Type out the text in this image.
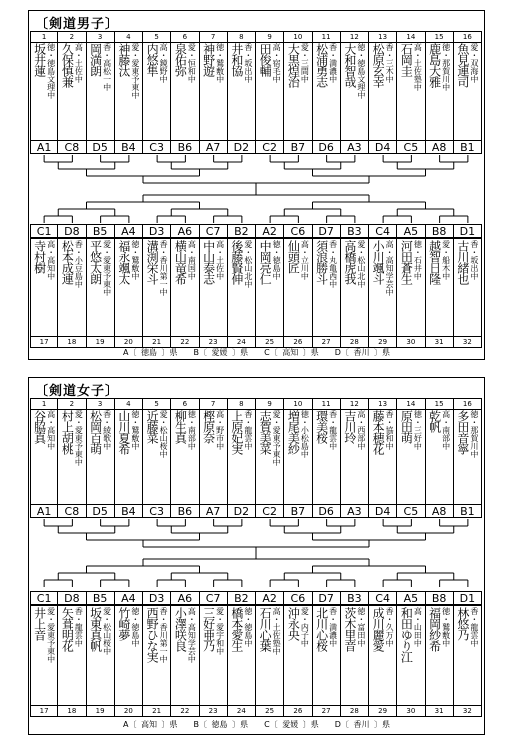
〔剣道男子〕
1
徳・徳島文理中
坂井蓮
2
高・土佐中
久保慎兼
3
香・高松一中
岡満朗
4
愛・愛東予東中
神藤汰
5
高・鏡野中
内悠隼
6
愛・恒和中
泉佑弥
7
徳・鷲敷中
神野遊
8
香・坂出中
井和協
9
高・宿毛中
田俊輔
10
愛・三間中
大黒煌治
11
香・満濃中
松浦勇志
12
徳・徳島文理中
大和智哉
13
香・三木中
松原玄幸
14
高・土佐塾中
石岡圭
15
徳・那賀川中
鹿島大雅
16
愛・双海中
魚見連司
A1	C8	D5	B4	C3	B6	A7	D2	C2	B7	D6	A3	D4	C5	A8	B1
C1	D8	B5	A4	D3	A6	C7	B2	A2	C6	D7	B3	C4	A5	B8	D1
17
高・高知中
寺村樹
18
香・小豆島中
松本成連
19
愛・愛東予東中
平悠太朗
20
徳・鷲敷中
福永颯太
21
香・香川第一中
溝渕栄斗
22
高・南国中
横山竜希
23
高・土佐中
中山泰志
24
愛・松山北中
後藤賢伸
25
徳・徳島中
中岡亮仁
26
高・立川中
仙頭匠
27
香・丸亀西中
須浪勝斗
28
愛・松山北中
高橋虎我
29
高・高知学芸中
小川颯斗
30
徳・石井中
河田蒼生
31
愛・船木中
越智日隆
32
香・坂出中
古川緒也
A〔 徳島 〕県　　B〔 愛媛 〕県　　C〔 高知 〕県　　D〔 香川 〕県
〔剣道女子〕
1
高・高知中
谷脇真
2
愛・愛東予東中
村上胡桃
3
香・綾歌中
松岡百萌
4
徳・鷲敷中
山川夏希
5
愛・松山桜中
近藤菜
6
徳・南部中
柳生真
7
高・野市中
樫原奈
8
香・龍雲中
上原妃実
9
愛・愛東予東中
志賀美菜
10
徳・小松島中
増尾美紗
11
香・龍雲中
環美桜
12
高・西部中
吉川玲
13
香・協和中
藤本穂花
14
徳・三好中
原田萌
15
高・南部中
乾帆
16
徳・那賀川中
多田音寧
A1	C8	D5	B4	C3	B6	A7	D2	C2	B7	D6	A3	D4	C5	A8	B1
C1	D8	B5	A4	D3	A6	C7	B2	A2	C6	D7	B3	C4	A5	B8	D1
17
愛・愛東予東中
井上音
18
香・龍雲中
矢葺明花
19
愛・松山桜中
坂東真帆
20
徳・徳島中
竹崎夢
21
香・香川第一中
西野ひな実
22
高・高知学芸中
小澤咲良
23
愛・愛宇和中
三好亜乃
24
徳・徳島中
橋本愛生
25
高・土佐塾中
石川心葉
26
愛・内子中
沖永央
27
香・満濃中
北川心桜
28
徳・富田中
茨木里音
29
香・久万中
成川麗愛
30
高・山田中
和田ゆり江
31
徳・鷲敷中
福岡紗希
32
香・龍雲中
林悠乃
A〔 高知 〕県　　B〔 徳島 〕県　　C〔 愛媛 〕県　　D〔 香川 〕県
